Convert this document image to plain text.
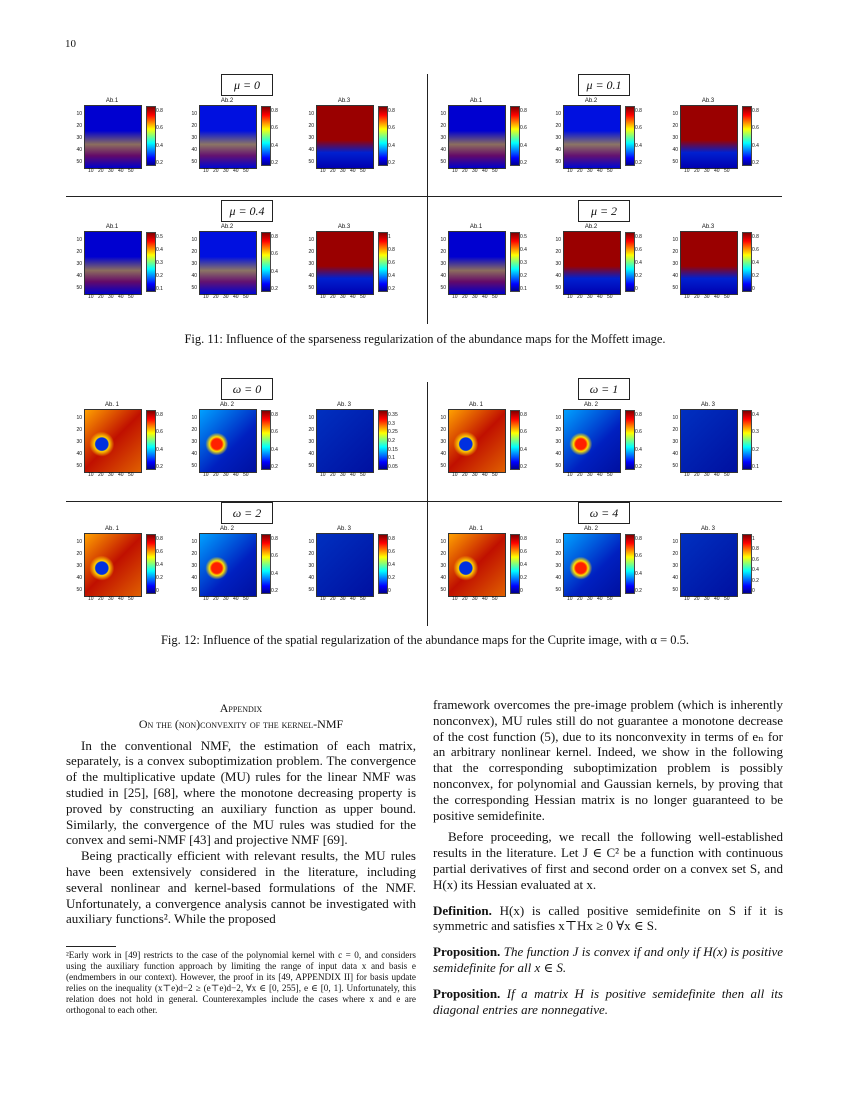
10
μ = 0
Ab.1
10
20
30
40
50
10 20 30 40 50
0.8
0.6
0.4
0.2
Ab.2
10
20
30
40
50
10 20 30 40 50
0.8
0.6
0.4
0.2
Ab.3
10
20
30
40
50
10 20 30 40 50
0.8
0.6
0.4
0.2
μ = 0.1
Ab.1
10
20
30
40
50
10 20 30 40 50
0.8
0.6
0.4
0.2
Ab.2
10
20
30
40
50
10 20 30 40 50
0.8
0.6
0.4
0.2
Ab.3
10
20
30
40
50
10 20 30 40 50
0.8
0.6
0.4
0.2
μ = 0.4
Ab.1
10
20
30
40
50
10 20 30 40 50
0.5
0.4
0.3
0.2
0.1
Ab.2
10
20
30
40
50
10 20 30 40 50
0.8
0.6
0.4
0.2
Ab.3
10
20
30
40
50
10 20 30 40 50
1
0.8
0.6
0.4
0.2
μ = 2
Ab.1
10
20
30
40
50
10 20 30 40 50
0.5
0.4
0.3
0.2
0.1
Ab.2
10
20
30
40
50
10 20 30 40 50
0.8
0.6
0.4
0.2
0
Ab.3
10
20
30
40
50
10 20 30 40 50
0.8
0.6
0.4
0.2
0
Fig. 11: Influence of the sparseness regularization of the abundance maps for the Moffett image.
ω = 0
Ab. 1
10
20
30
40
50
10 20 30 40 50
0.8
0.6
0.4
0.2
Ab. 2
10
20
30
40
50
10 20 30 40 50
0.8
0.6
0.4
0.2
Ab. 3
10
20
30
40
50
10 20 30 40 50
0.35
0.3
0.25
0.2
0.15
0.1
0.05
ω = 1
Ab. 1
10
20
30
40
50
10 20 30 40 50
0.8
0.6
0.4
0.2
Ab. 2
10
20
30
40
50
10 20 30 40 50
0.8
0.6
0.4
0.2
Ab. 3
10
20
30
40
50
10 20 30 40 50
0.4
0.3
0.2
0.1
ω = 2
Ab. 1
10
20
30
40
50
10 20 30 40 50
0.8
0.6
0.4
0.2
0
Ab. 2
10
20
30
40
50
10 20 30 40 50
0.8
0.6
0.4
0.2
Ab. 3
10
20
30
40
50
10 20 30 40 50
0.8
0.6
0.4
0.2
0
ω = 4
Ab. 1
10
20
30
40
50
10 20 30 40 50
0.8
0.6
0.4
0.2
0
Ab. 2
10
20
30
40
50
10 20 30 40 50
0.8
0.6
0.4
0.2
Ab. 3
10
20
30
40
50
10 20 30 40 50
1
0.8
0.6
0.4
0.2
0
Fig. 12: Influence of the spatial regularization of the abundance maps for the Cuprite image, with α = 0.5.
Appendix
On the (non)convexity of the kernel-NMF

In the conventional NMF, the estimation of each matrix, separately, is a convex suboptimization problem. The convergence of the multiplicative update (MU) rules for the linear NMF was studied in [25], [68], where the monotone decreasing property is proved by constructing an auxiliary function as upper bound. Similarly, the convergence of the MU rules was studied for the convex and semi-NMF [43] and projective NMF [69].

Being practically efficient with relevant results, the MU rules have been extensively considered in the literature, including several nonlinear and kernel-based formulations of the NMF. Unfortunately, a convergence analysis cannot be investigated with auxiliary functions². While the proposed

²Early work in [49] restricts to the case of the polynomial kernel with c = 0, and considers using the auxiliary function approach by limiting the range of input data x and basis e (endmembers in our context). However, the proof in its [49, APPENDIX II] for basis update relies on the inequality (x⊤e)d−2 ≥ (e⊤e)d−2, ∀x ∈ [0, 255], e ∈ [0, 1]. Unfortunately, this relation does not hold in general. Counterexamples include the cases where x and e are orthogonal to each other.

framework overcomes the pre-image problem (which is inherently nonconvex), MU rules still do not guarantee a monotone decrease of the cost function (5), due to its nonconvexity in terms of eₙ for an arbitrary nonlinear kernel. Indeed, we show in the following that the corresponding suboptimization problem is possibly nonconvex, for polynomial and Gaussian kernels, by proving that the corresponding Hessian matrix is no longer guaranteed to be positive semidefinite.

Before proceeding, we recall the following well-established results in the literature. Let J ∈ C² be a function with continuous partial derivatives of first and second order on a convex set S, and H(x) its Hessian evaluated at x.

Definition. H(x) is called positive semidefinite on S if it is symmetric and satisfies x⊤Hx ≥ 0 ∀x ∈ S.

Proposition. The function J is convex if and only if H(x) is positive semidefinite for all x ∈ S.

Proposition. If a matrix H is positive semidefinite then all its diagonal entries are nonnegative.
